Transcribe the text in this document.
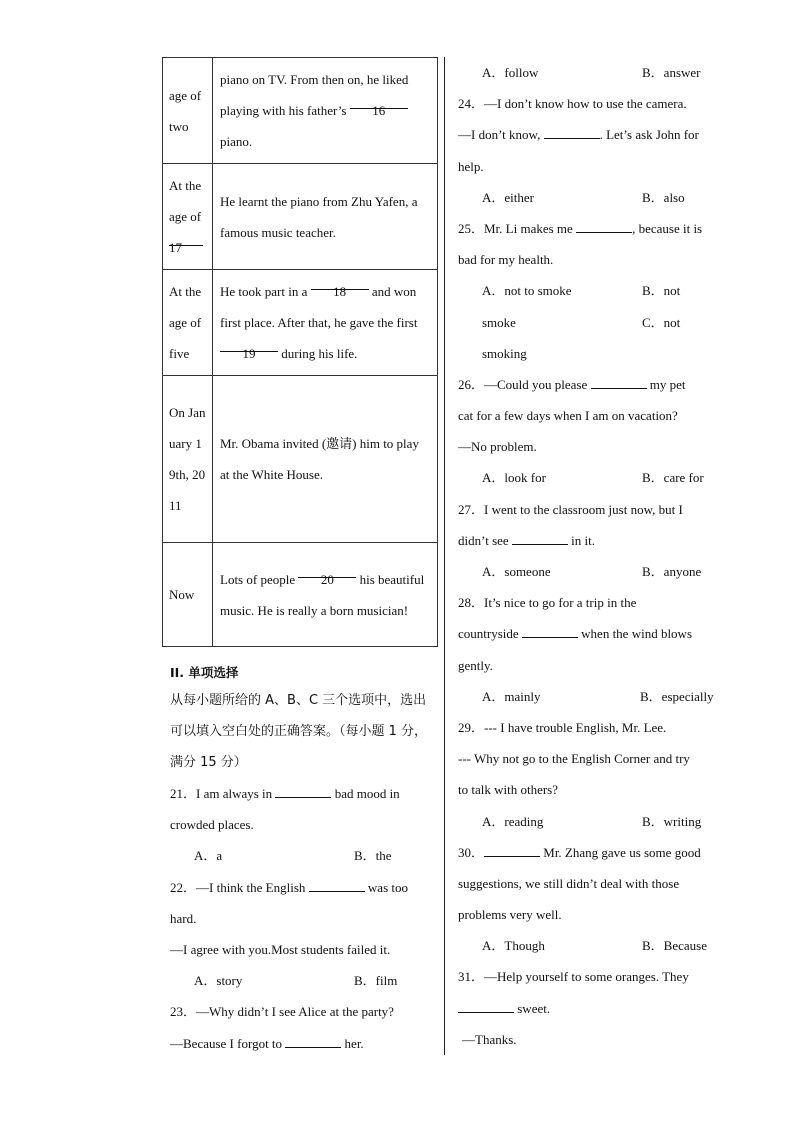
age of two	piano on TV. From then on, he liked playing with his father’s 16 piano.
At the age of 17	He learnt the piano from Zhu Yafen, a famous music teacher.
At the age of five	He took part in a 18 and won first place. After that, he gave the first 19 during his life.
On January 19th, 2011	Mr. Obama invited (邀请) him to play at the White House.
Now	Lots of people 20 his beautiful music. He is really a born musician!
II. 单项选择
从每小题所给的 A、B、C 三个选项中，选出可以填入空白处的正确答案。（每小题 1 分，满分 15 分）
21．I am always in	bad mood in
crowded places.
A．a	B．the
22．—I think the English	was too
hard.
—I agree with you.Most students failed it.
A．story	B．film
23．—Why didn’t I see Alice at the party?
—Because I forgot to	her.
A．follow	B．answer
24．—I don’t know how to use the camera.
—I don’t know,	. Let’s ask John for
help.
A．either	B．also
25．Mr. Li makes me	, because it is
bad for my health.
A．not to smoke	B．not
smoke	C．not
smoking
26．—Could you please	my pet
cat for a few days when I am on vacation?
—No problem.
A．look for	B．care for
27．I went to the classroom just now, but I
didn’t see	in it.
A．someone	B．anyone
28．It’s nice to go for a trip in the
countryside	when the wind blows
gently.
A．mainly	B．especially
29．--- I have trouble English, Mr. Lee.
--- Why not go to the English Corner and try
to talk with others?
A．reading	B．writing
30．	Mr. Zhang gave us some good
suggestions, we still didn’t deal with those
problems very well.
A．Though	B．Because
31．—Help yourself to some oranges. They
sweet.
—Thanks.
